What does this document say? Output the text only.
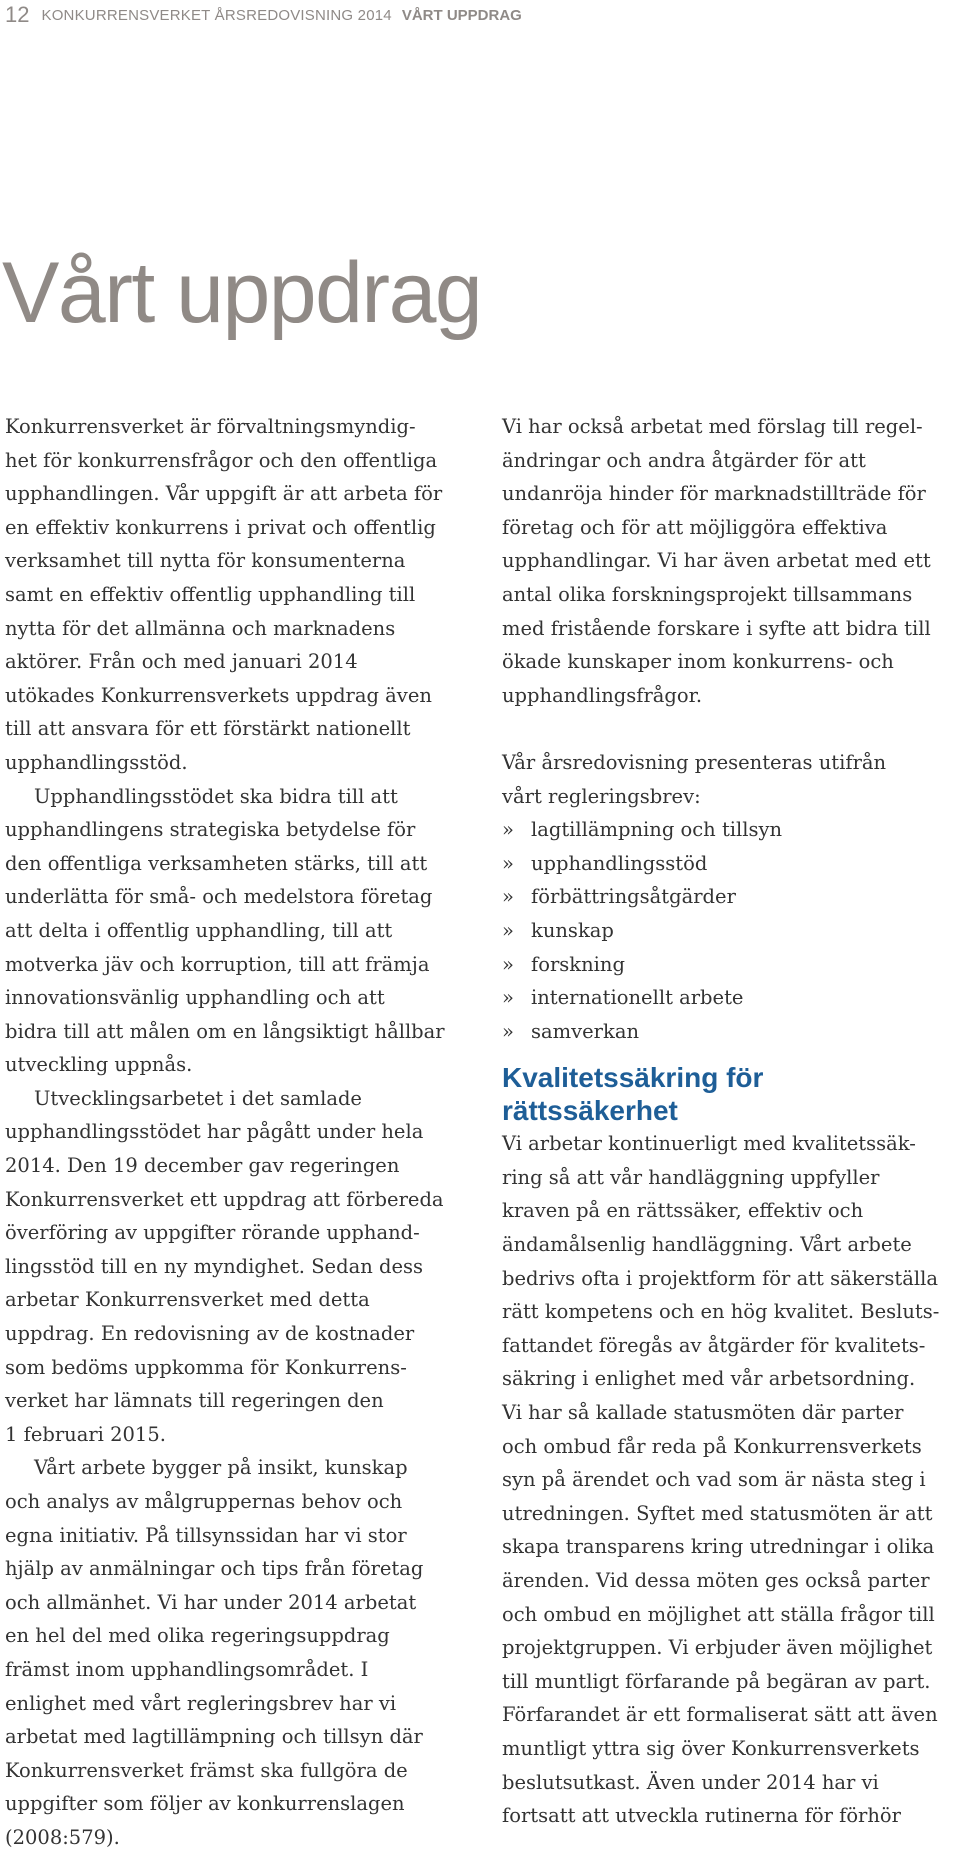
12 KONKURRENSVERKET ÅRSREDOVISNING 2014 VÅRT UPPDRAG
Vårt uppdrag

Konkurrensverket är förvaltningsmyndig-
het för konkurrensfrågor och den offentliga
upphandlingen. Vår uppgift är att arbeta för
en effektiv konkurrens i privat och offentlig
verksamhet till nytta för konsumenterna
samt en effektiv offentlig upphandling till
nytta för det allmänna och marknadens
aktörer. Från och med januari 2014
utökades Konkurrensverkets uppdrag även
till att ansvara för ett förstärkt nationellt
upphandlingsstöd.

Upphandlingsstödet ska bidra till att
upphandlingens strategiska betydelse för
den offentliga verksamheten stärks, till att
underlätta för små- och medelstora företag
att delta i offentlig upphandling, till att
motverka jäv och korruption, till att främja
innovationsvänlig upphandling och att
bidra till att målen om en långsiktigt hållbar
utveckling uppnås.

Utvecklingsarbetet i det samlade
upphandlingsstödet har pågått under hela
2014. Den 19 december gav regeringen
Konkurrensverket ett uppdrag att förbereda
överföring av uppgifter rörande upphand-
lingsstöd till en ny myndighet. Sedan dess
arbetar Konkurrensverket med detta
uppdrag. En redovisning av de kostnader
som bedöms uppkomma för Konkurrens-
verket har lämnats till regeringen den
1 februari 2015.

Vårt arbete bygger på insikt, kunskap
och analys av målgruppernas behov och
egna initiativ. På tillsynssidan har vi stor
hjälp av anmälningar och tips från företag
och allmänhet. Vi har under 2014 arbetat
en hel del med olika regeringsuppdrag
främst inom upphandlingsområdet. I
enlighet med vårt regleringsbrev har vi
arbetat med lagtillämpning och tillsyn där
Konkurrensverket främst ska fullgöra de
uppgifter som följer av konkurrenslagen
(2008:579).

Vi har också arbetat med förslag till regel-
ändringar och andra åtgärder för att
undanröja hinder för marknadstillträde för
företag och för att möjliggöra effektiva
upphandlingar. Vi har även arbetat med ett
antal olika forskningsprojekt tillsammans
med fristående forskare i syfte att bidra till
ökade kunskaper inom konkurrens- och
upphandlingsfrågor.

Vår årsredovisning presenteras utifrån
vårt regleringsbrev:

» lagtillämpning och tillsyn
» upphandlingsstöd
» förbättringsåtgärder
» kunskap
» forskning
» internationellt arbete
» samverkan
Kvalitetssäkring för
rättssäkerhet

Vi arbetar kontinuerligt med kvalitetssäk-
ring så att vår handläggning uppfyller
kraven på en rättssäker, effektiv och
ändamålsenlig handläggning. Vårt arbete
bedrivs ofta i projektform för att säkerställa
rätt kompetens och en hög kvalitet. Besluts-
fattandet föregås av åtgärder för kvalitets-
säkring i enlighet med vår arbetsordning.
Vi har så kallade statusmöten där parter
och ombud får reda på Konkurrensverkets
syn på ärendet och vad som är nästa steg i
utredningen. Syftet med statusmöten är att
skapa transparens kring utredningar i olika
ärenden. Vid dessa möten ges också parter
och ombud en möjlighet att ställa frågor till
projektgruppen. Vi erbjuder även möjlighet
till muntligt förfarande på begäran av part.
Förfarandet är ett formaliserat sätt att även
muntligt yttra sig över Konkurrensverkets
beslutsutkast. Även under 2014 har vi
fortsatt att utveckla rutinerna för förhör
